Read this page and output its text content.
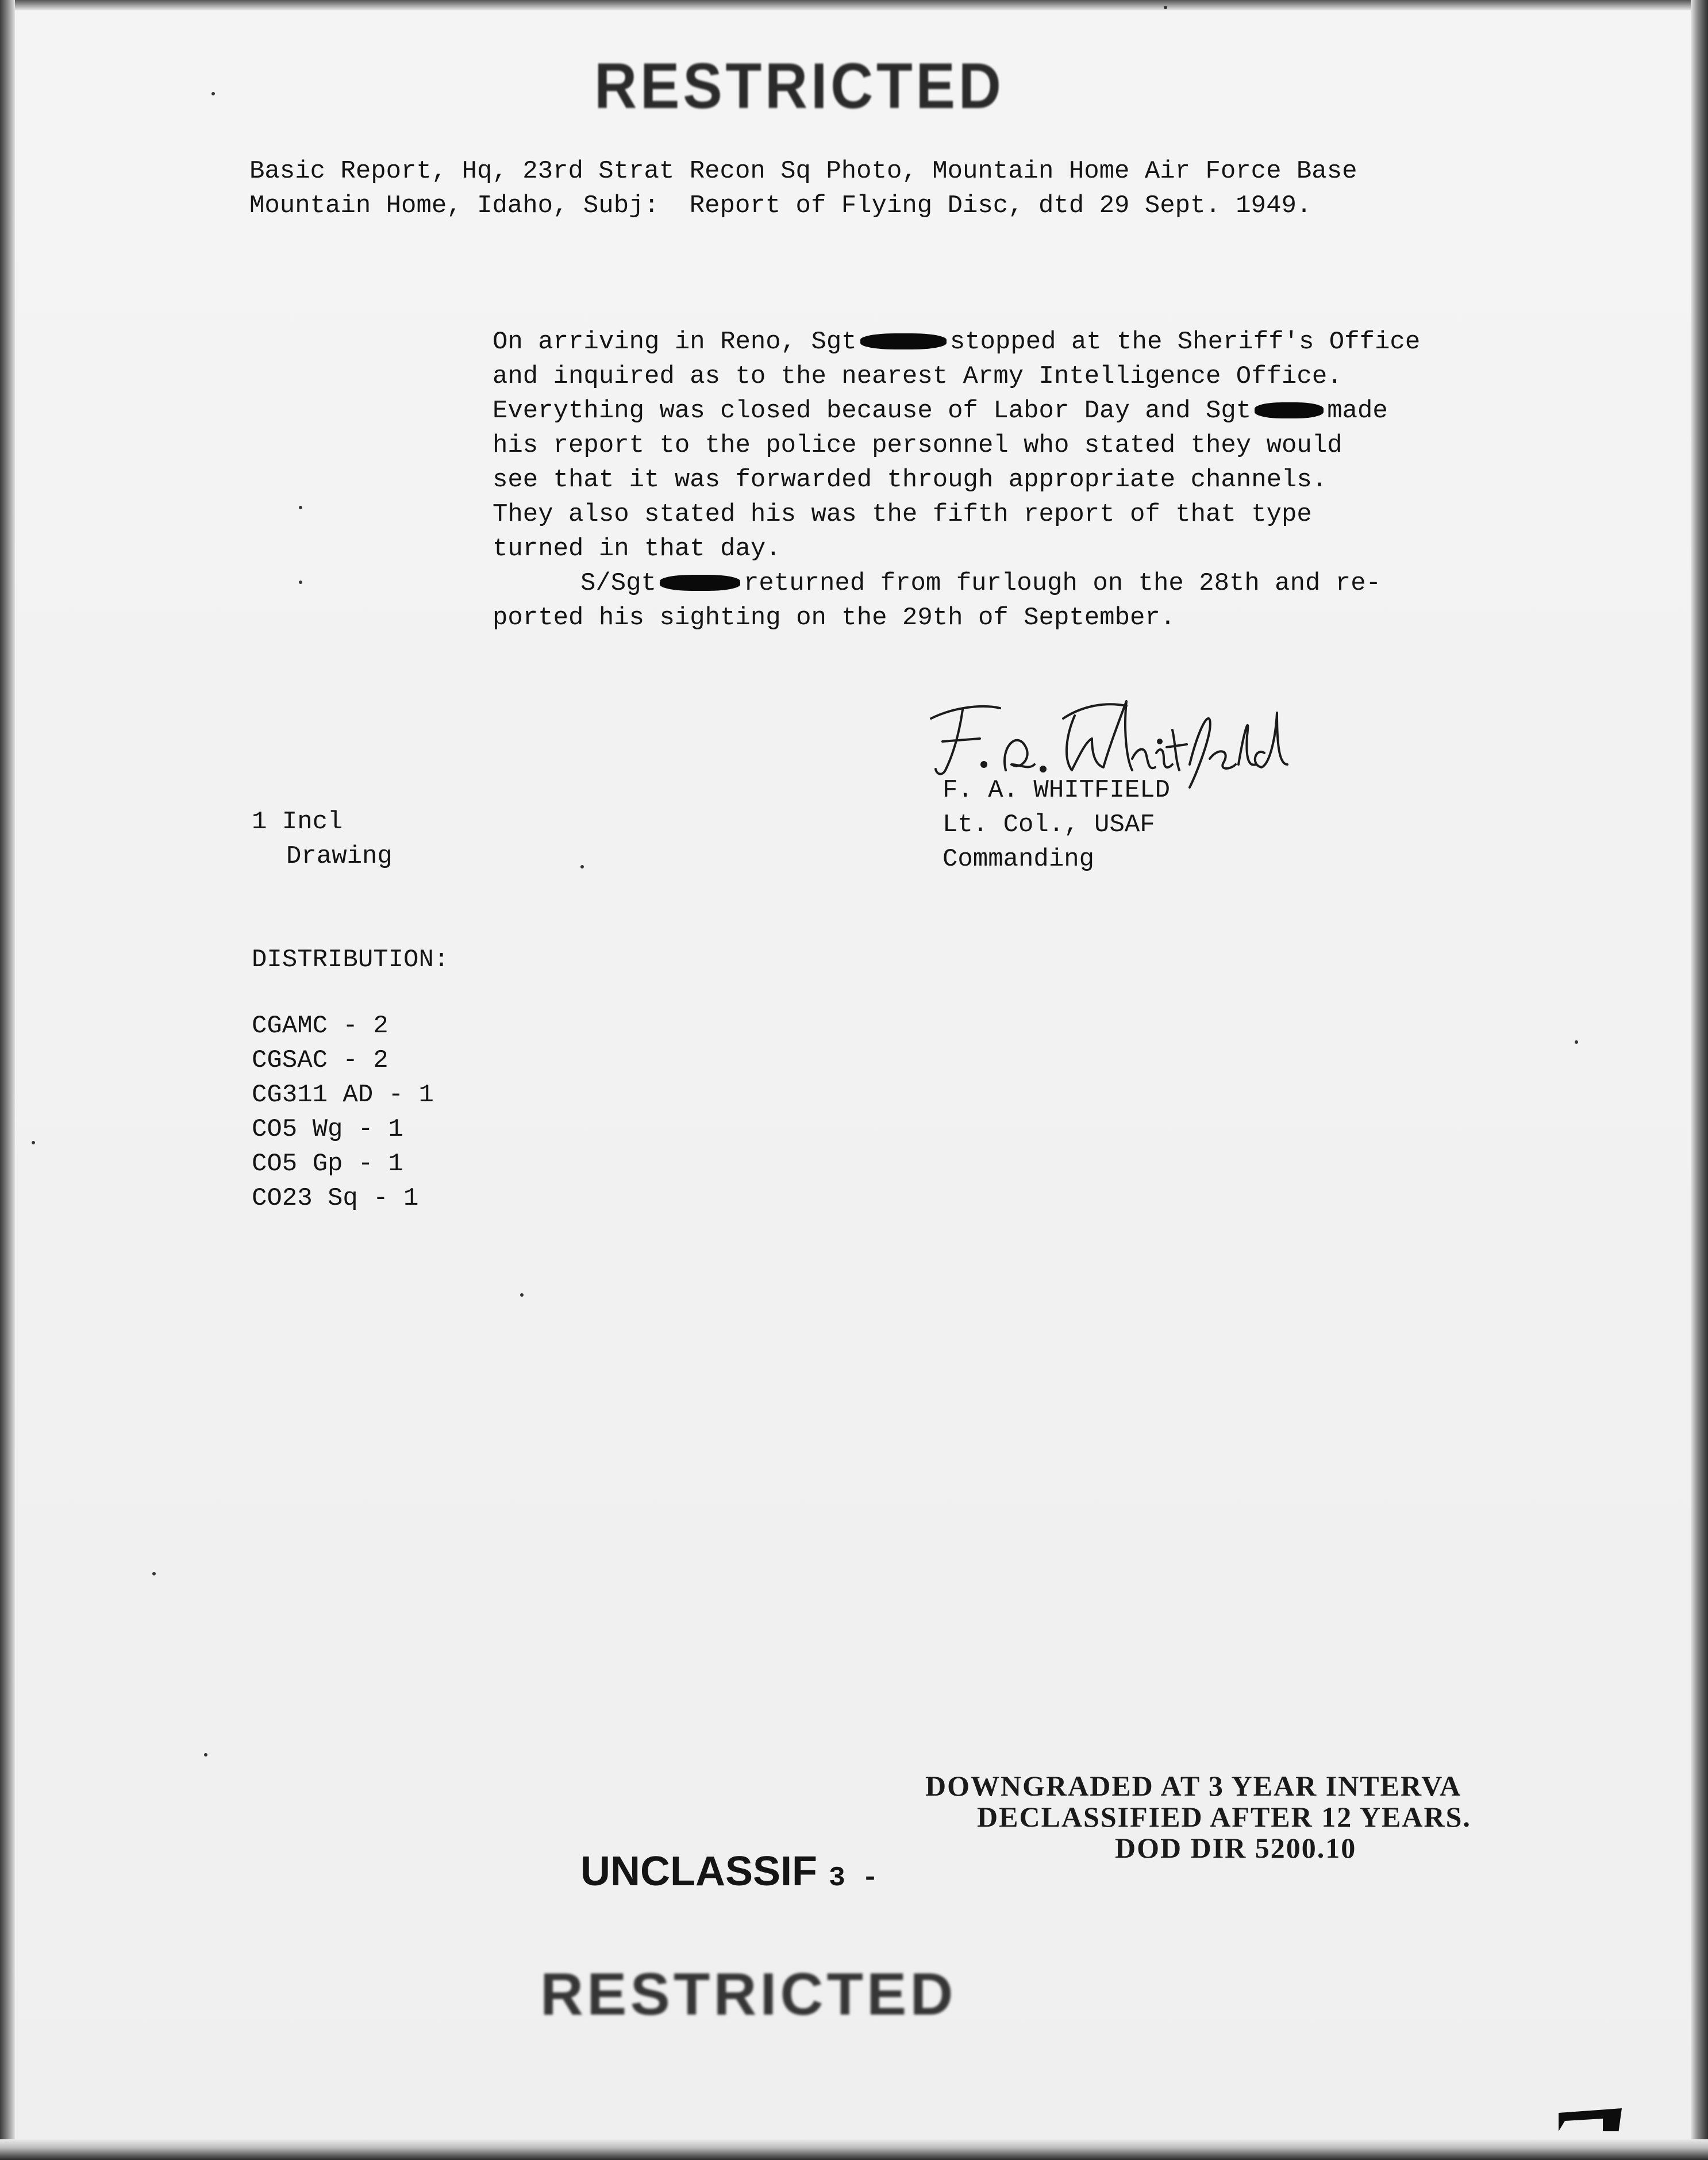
RESTRICTED
Basic Report, Hq, 23rd Strat Recon Sq Photo, Mountain Home Air Force Base
Mountain Home, Idaho, Subj:  Report of Flying Disc, dtd 29 Sept. 1949.
On arriving in Reno, Sgt	stopped at the Sheriff's Office
and inquired as to the nearest Army Intelligence Office.
Everything was closed because of Labor Day and Sgt	made
his report to the police personnel who stated they would
see that it was forwarded through appropriate channels.
They also stated his was the fifth report of that type
turned in that day.
S/Sgt	returned from furlough on the 28th and re-
ported his sighting on the 29th of September.
F. A. WHITFIELD
Lt. Col., USAF
Commanding
1 Incl
Drawing
DISTRIBUTION:
CGAMC - 2
CGSAC - 2
CG311 AD - 1
CO5 Wg - 1
CO5 Gp - 1
CO23 Sq - 1
DOWNGRADED AT 3 YEAR INTERVA
DECLASSIFIED AFTER 12 YEARS.
DOD DIR 5200.10
UNCLASSIF 3 -
RESTRICTED
